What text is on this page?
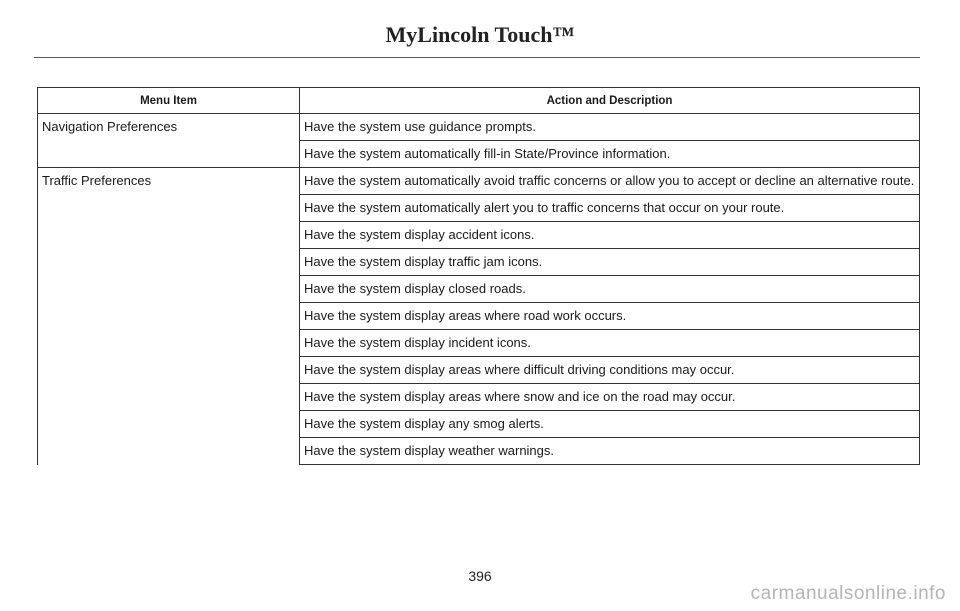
MyLincoln Touch™
Menu Item	Action and Description
Navigation Preferences	Have the system use guidance prompts.
	Have the system automatically fill-in State/Province information.
Traffic Preferences	Have the system automatically avoid traffic concerns or allow you to accept or decline an alternative route.
	Have the system automatically alert you to traffic concerns that occur on your route.
	Have the system display accident icons.
	Have the system display traffic jam icons.
	Have the system display closed roads.
	Have the system display areas where road work occurs.
	Have the system display incident icons.
	Have the system display areas where difficult driving conditions may occur.
	Have the system display areas where snow and ice on the road may occur.
	Have the system display any smog alerts.
	Have the system display weather warnings.
396
carmanualsonline.info
